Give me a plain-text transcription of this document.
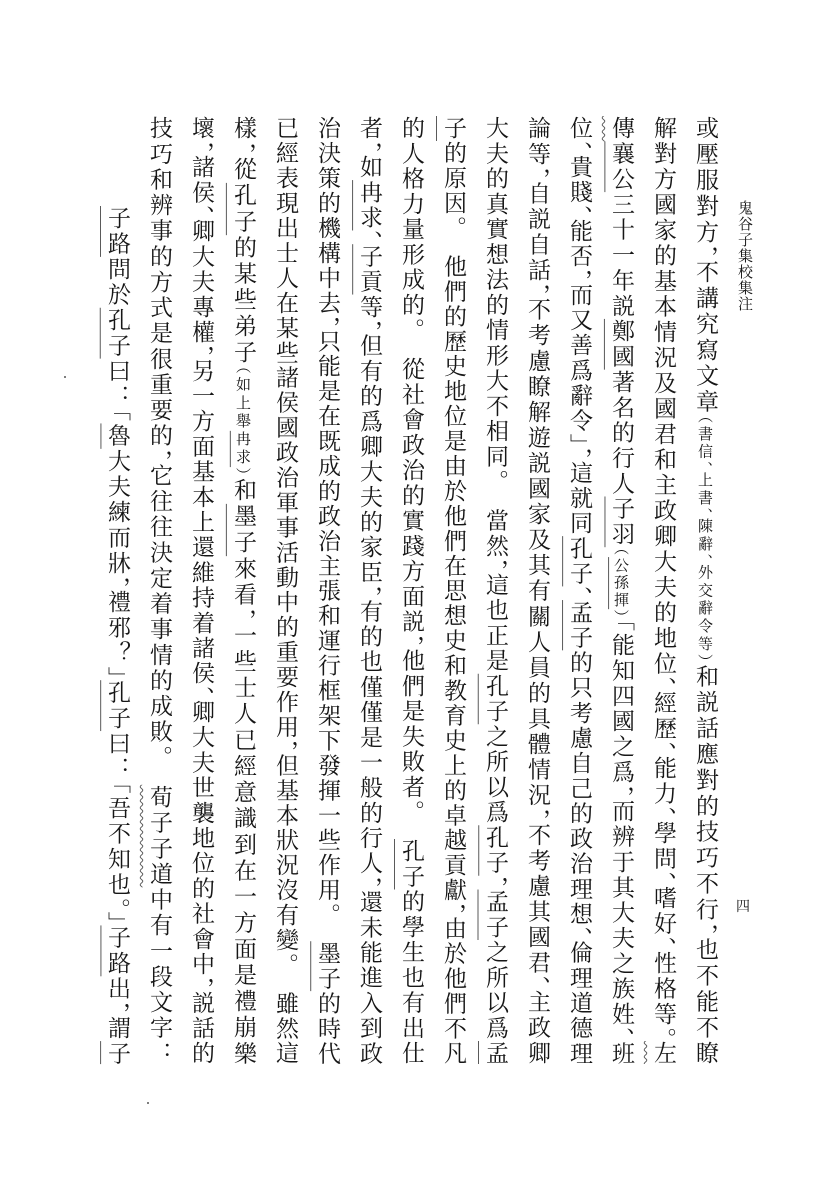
鬼谷子集校集注
四
或壓服對方，不講究寫文章（書信、上書、陳辭、外交辭令等）和説話應對的技巧不行，也不能不瞭
解對方國家的基本情況及國君和主政卿大夫的地位、經歷、能力、學問、嗜好、性格等。左
傳襄公三十一年説鄭國著名的行人子羽（公孫揮）「能知四國之爲，而辨于其大夫之族姓、班
位、貴賤、能否，而又善爲辭令」，這就同孔子、孟子的只考慮自己的政治理想、倫理道德理
論等，自説自話，不考慮瞭解遊説國家及其有關人員的具體情況，不考慮其國君、主政卿
大夫的真實想法的情形大不相同。　當然，這也正是孔子之所以爲孔子，孟子之所以爲孟
子的原因。　他們的歷史地位是由於他們在思想史和教育史上的卓越貢獻，由於他們不凡
的人格力量形成的。　從社會政治的實踐方面説，他們是失敗者。　孔子的學生也有出仕
者，如冉求、子貢等，但有的爲卿大夫的家臣，有的也僅僅是一般的行人，還未能進入到政
治決策的機構中去，只能是在既成的政治主張和運行框架下發揮一些作用。　墨子的時代
已經表現出士人在某些諸侯國政治軍事活動中的重要作用，但基本狀況沒有變。　雖然這
樣，從孔子的某些弟子（如上舉冉求）和墨子來看，一些士人已經意識到在一方面是禮崩樂
壞，諸侯、卿大夫專權，另一方面基本上還維持着諸侯、卿大夫世襲地位的社會中，説話的
技巧和辨事的方式是很重要的，它往往決定着事情的成敗。　荀子子道中有一段文字：
子路問於孔子曰：「魯大夫練而牀，禮邪？」孔子曰：「吾不知也。」子路出，謂子
